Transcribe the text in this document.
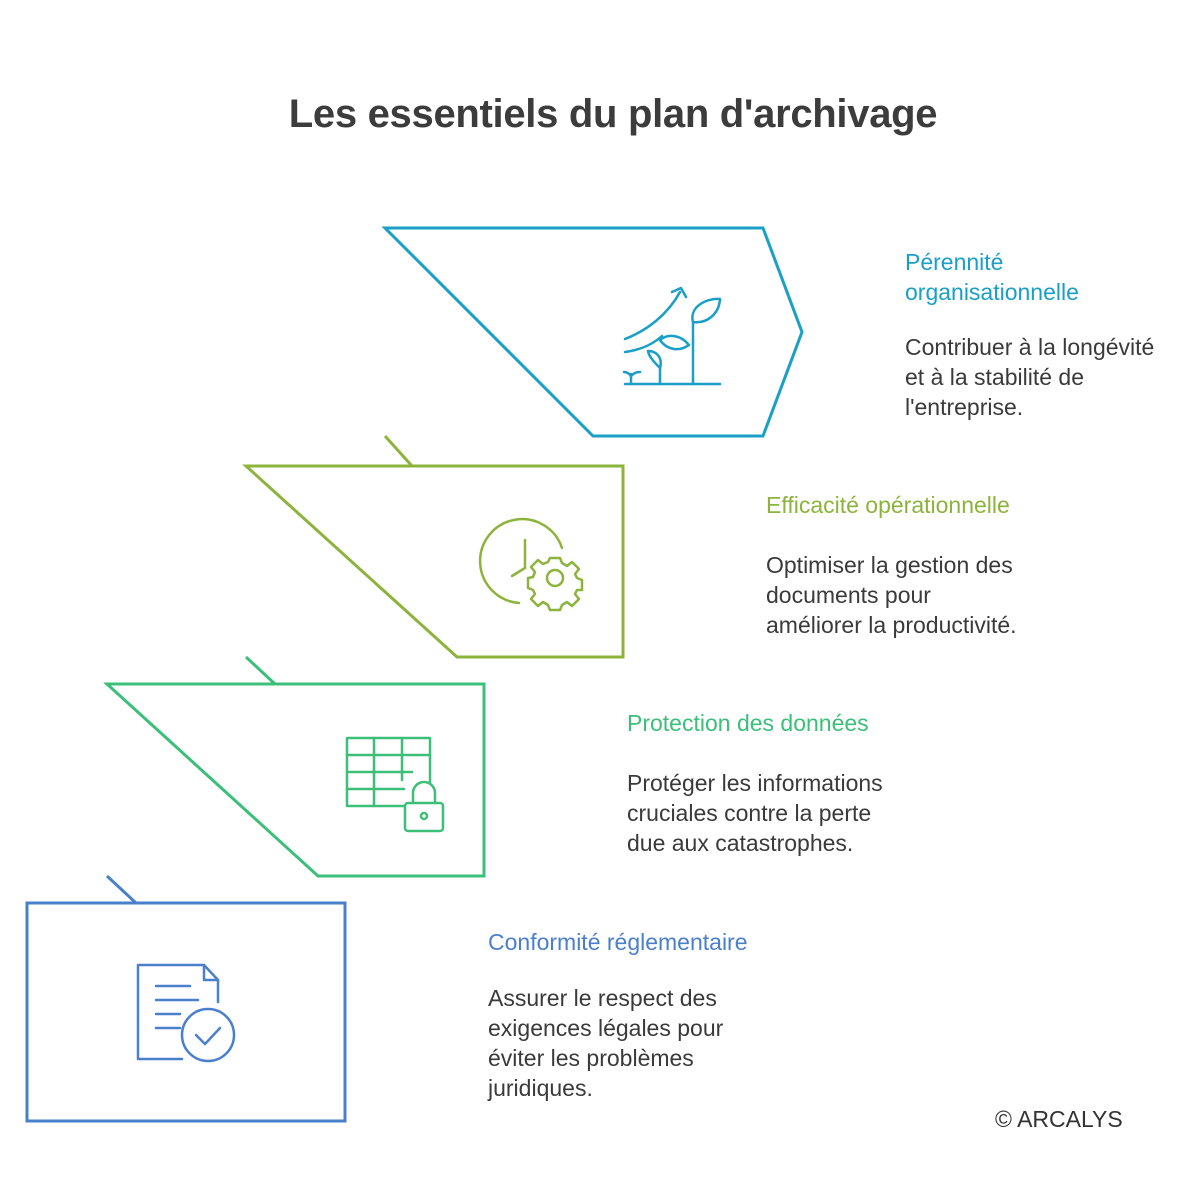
Les essentiels du plan d'archivage

Pérennité
organisationnelle

Contribuer à la longévité
et à la stabilité de
l'entreprise.

Efficacité opérationnelle

Optimiser la gestion des
documents pour
améliorer la productivité.

Protection des données

Protéger les informations
cruciales contre la perte
due aux catastrophes.

Conformité réglementaire

Assurer le respect des
exigences légales pour
éviter les problèmes
juridiques.

© ARCALYS
